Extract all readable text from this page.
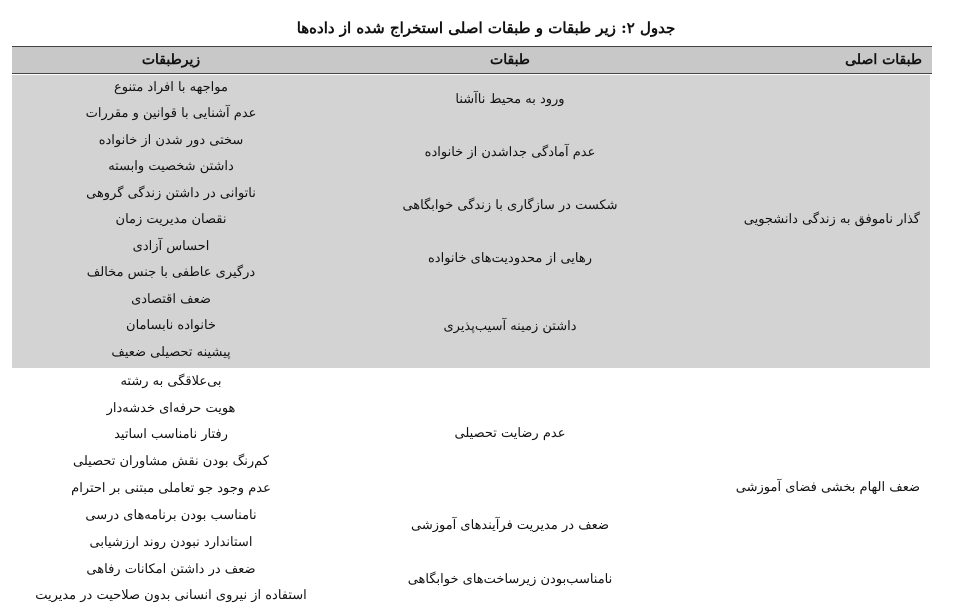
جدول ۲: زیر طبقات و طبقات اصلی استخراج شده از داده‌ها
طبقات اصلی
طبقات
زیرطبقات
گذار ناموفق به زندگی دانشجویی
ورود به محیط ناآشنا
عدم آمادگی جداشدن از خانواده
شکست در سازگاری با زندگی خوابگاهی
رهایی از محدودیت‌های خانواده
داشتن زمینه آسیب‌پذیری
مواجهه با افراد متنوع
عدم آشنایی با قوانین و مقررات
سختی دور شدن از خانواده
داشتن شخصیت وابسته
ناتوانی در داشتن زندگی گروهی
نقصان مدیریت زمان
احساس آزادی
درگیری عاطفی با جنس مخالف
ضعف اقتصادی
خانواده نابسامان
پیشینه تحصیلی ضعیف
ضعف الهام بخشی فضای آموزشی
عدم رضایت تحصیلی
ضعف در مدیریت فرآیندهای آموزشی
نامناسب‌بودن زیرساخت‌های خوابگاهی
بی‌علاقگی به رشته
هویت حرفه‌ای خدشه‌دار
رفتار نامناسب اساتید
کم‌رنگ بودن نقش مشاوران تحصیلی
عدم وجود جو تعاملی مبتنی بر احترام
نامناسب بودن برنامه‌های درسی
استاندارد نبودن روند ارزشیابی
ضعف در داشتن امکانات رفاهی
استفاده از نیروی انسانی بدون صلاحیت در مدیریت
